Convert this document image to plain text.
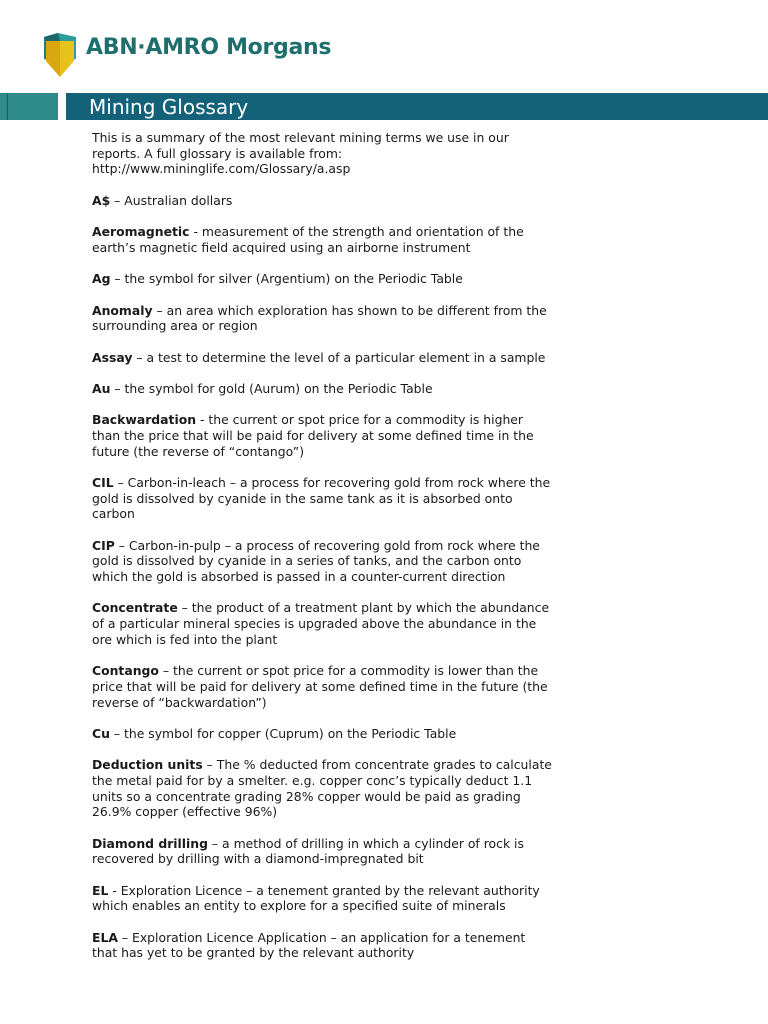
ABN·AMRO Morgans
Mining Glossary

This is a summary of the most relevant mining terms we use in our
reports. A full glossary is available from:
http://www.mininglife.com/Glossary/a.asp

A$ – Australian dollars

Aeromagnetic - measurement of the strength and orientation of the earth’s magnetic field acquired using an airborne instrument

Ag – the symbol for silver (Argentium) on the Periodic Table

Anomaly – an area which exploration has shown to be different from the surrounding area or region

Assay – a test to determine the level of a particular element in a sample

Au – the symbol for gold (Aurum) on the Periodic Table

Backwardation - the current or spot price for a commodity is higher than the price that will be paid for delivery at some defined time in the future (the reverse of “contango”)

CIL – Carbon-in-leach – a process for recovering gold from rock where the gold is dissolved by cyanide in the same tank as it is absorbed onto carbon

CIP – Carbon-in-pulp – a process of recovering gold from rock where the gold is dissolved by cyanide in a series of tanks, and the carbon onto which the gold is absorbed is passed in a counter-current direction

Concentrate – the product of a treatment plant by which the abundance of a particular mineral species is upgraded above the abundance in the ore which is fed into the plant

Contango – the current or spot price for a commodity is lower than the price that will be paid for delivery at some defined time in the future (the reverse of “backwardation”)

Cu – the symbol for copper (Cuprum) on the Periodic Table

Deduction units – The % deducted from concentrate grades to calculate the metal paid for by a smelter. e.g. copper conc’s typically deduct 1.1 units so a concentrate grading 28% copper would be paid as grading 26.9% copper (effective 96%)

Diamond drilling – a method of drilling in which a cylinder of rock is recovered by drilling with a diamond-impregnated bit

EL - Exploration Licence – a tenement granted by the relevant authority which enables an entity to explore for a specified suite of minerals

ELA – Exploration Licence Application – an application for a tenement that has yet to be granted by the relevant authority
